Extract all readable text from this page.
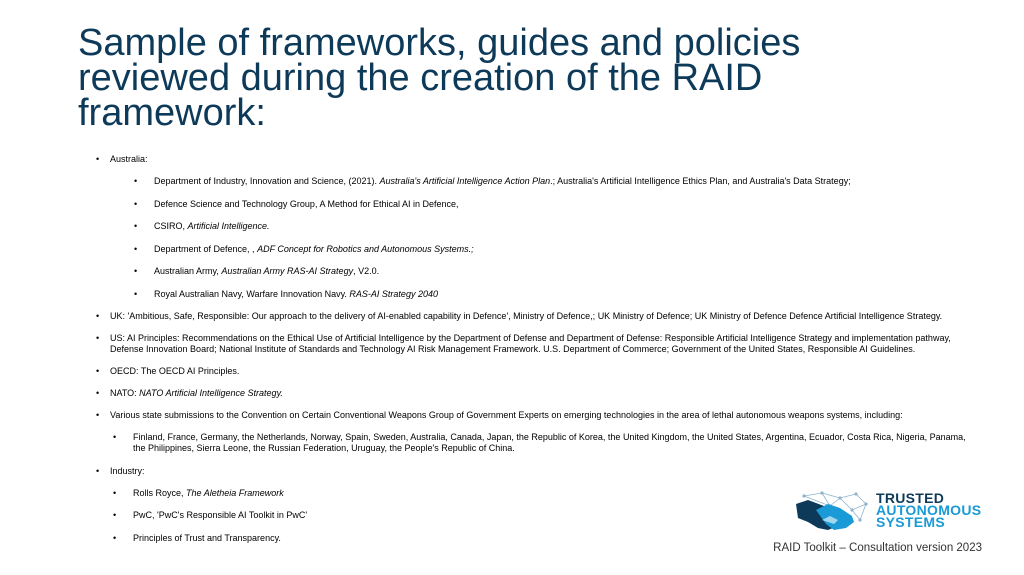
Sample of frameworks, guides and policies reviewed during the creation of the RAID framework:
• Australia:
• Department of Industry, Innovation and Science, (2021). Australia's Artificial Intelligence Action Plan.; Australia's Artificial Intelligence Ethics Plan, and Australia's Data Strategy;
• Defence Science and Technology Group, A Method for Ethical AI in Defence,
• CSIRO, Artificial Intelligence.
• Department of Defence, , ADF Concept for Robotics and Autonomous Systems.;
• Australian Army, Australian Army RAS-AI Strategy, V2.0.
• Royal Australian Navy, Warfare Innovation Navy. RAS-AI Strategy 2040
• UK: 'Ambitious, Safe, Responsible: Our approach to the delivery of AI-enabled capability in Defence', Ministry of Defence,; UK Ministry of Defence; UK Ministry of Defence Defence Artificial Intelligence Strategy.
• US: AI Principles: Recommendations on the Ethical Use of Artificial Intelligence by the Department of Defense and Department of Defense: Responsible Artificial Intelligence Strategy and implementation pathway, Defense Innovation Board; National Institute of Standards and Technology AI Risk Management Framework. U.S. Department of Commerce; Government of the United States, Responsible AI Guidelines.
• OECD: The OECD AI Principles.
• NATO: NATO Artificial Intelligence Strategy.
• Various state submissions to the Convention on Certain Conventional Weapons Group of Government Experts on emerging technologies in the area of lethal autonomous weapons systems, including:
• Finland, France, Germany, the Netherlands, Norway, Spain, Sweden, Australia, Canada, Japan, the Republic of Korea, the United Kingdom, the United States, Argentina, Ecuador, Costa Rica, Nigeria, Panama, the Philippines, Sierra Leone, the Russian Federation, Uruguay, the People's Republic of China.
• Industry:
• Rolls Royce, The Aletheia Framework
• PwC, 'PwC's Responsible AI Toolkit in PwC'
• Principles of Trust and Transparency.
TRUSTED
AUTONOMOUS
SYSTEMS
RAID Toolkit – Consultation version 2023
